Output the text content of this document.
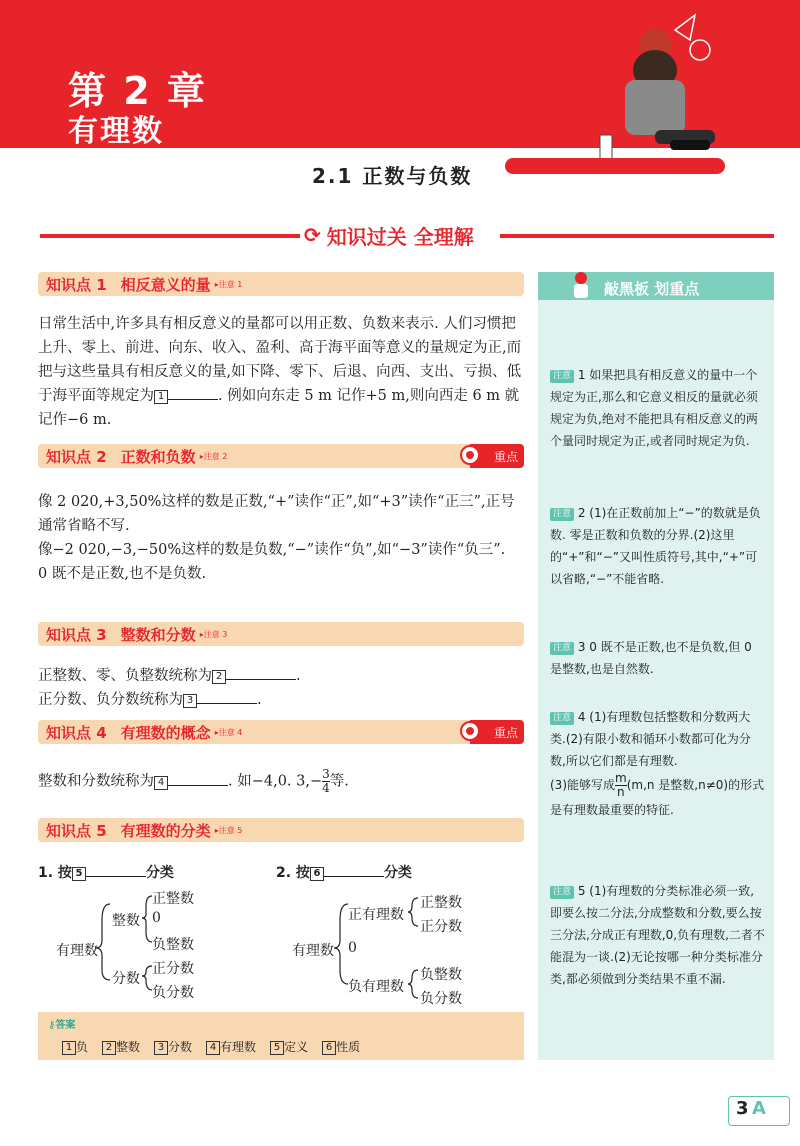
第 2 章
有理数
2.1 正数与负数
⟳ 知识过关 全理解
知识点 1 相反意义的量 ▸注意 1
日常生活中,许多具有相反意义的量都可以用正数、负数来表示. 人们习惯把上升、零上、前进、向东、收入、盈利、高于海平面等意义的量规定为正,而把与这些量具有相反意义的量,如下降、零下、后退、向西、支出、亏损、低于海平面等规定为 1	. 例如向东走 5 m 记作+5 m,则向西走 6 m 就记作−6 m.
知识点 2 正数和负数 ▸注意 2	重点
像 2 020,+3,50%这样的数是正数,“+”读作“正”,如“+3”读作“正三”,正号通常省略不写.
像−2 020,−3,−50%这样的数是负数,“−”读作“负”,如“−3”读作“负三”.
0 既不是正数,也不是负数.
知识点 3 整数和分数 ▸注意 3
正整数、零、负整数统称为 2	.
正分数、负分数统称为 3	.
知识点 4 有理数的概念 ▸注意 4	重点
整数和分数统称为 4	. 如−4,0. $3,- \frac{3}{4}$ 等.
知识点 5 有理数的分类 ▸注意 5
1. 按 5	分类
有理数
整数
正整数
0
负整数
分数
正分数
负分数
2. 按 6	分类
有理数
正有理数
正整数
正分数
0
负有理数
负整数
负分数
⚷答案
1 负	2 整数	3 分数	4 有理数	5 定义	6 性质
敲黑板 划重点
注意 1 如果把具有相反意义的量中一个规定为正,那么和它意义相反的量就必须规定为负,绝对不能把具有相反意义的两个量同时规定为正,或者同时规定为负.
注意 2 (1)在正数前加上“−”的数就是负数. 零是正数和负数的分界.(2)这里的“+”和“−”又叫性质符号,其中,“+”可以省略,“−”不能省略.
注意 3 0 既不是正数,也不是负数,但 0 是整数,也是自然数.
注意 4 (1)有理数包括整数和分数两大类.(2)有限小数和循环小数都可化为分数,所以它们都是有理数.
(3)能够写成 $\frac{m}{n} (m,n$ 是整数,n≠0)的形式是有理数最重要的特征.
注意 5 (1)有理数的分类标准必须一致,即要么按二分法,分成整数和分数,要么按三分法,分成正有理数,0,负有理数,二者不能混为一谈.(2)无论按哪一种分类标准分类,都必须做到分类结果不重不漏.
3 A
